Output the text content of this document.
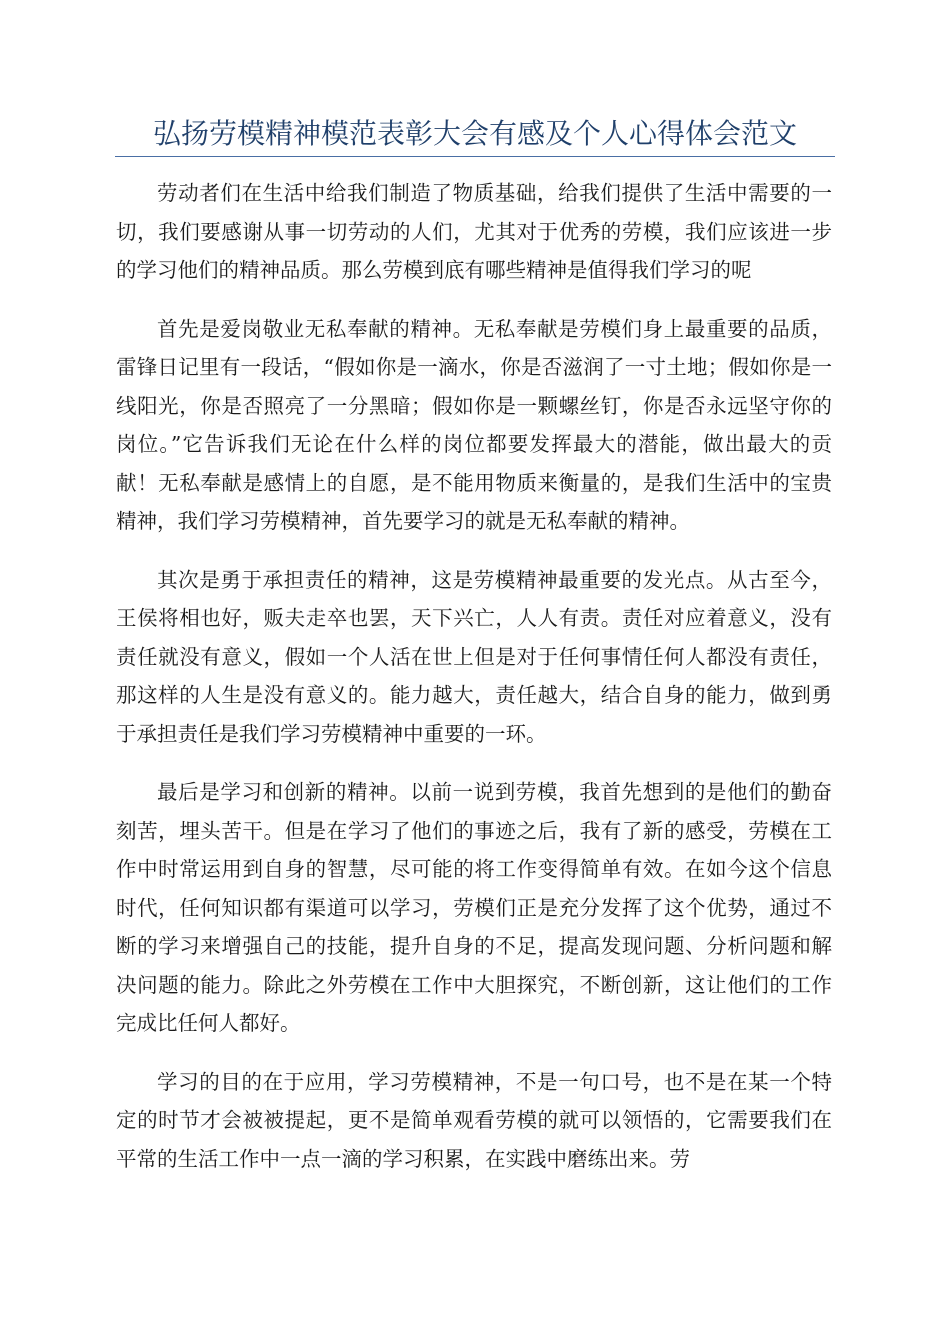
弘扬劳模精神模范表彰大会有感及个人心得体会范文

劳动者们在生活中给我们制造了物质基础，给我们提供了生活中需要的一切，我们要感谢从事一切劳动的人们，尤其对于优秀的劳模，我们应该进一步的学习他们的精神品质。那么劳模到底有哪些精神是值得我们学习的呢

首先是爱岗敬业无私奉献的精神。无私奉献是劳模们身上最重要的品质，雷锋日记里有一段话，“假如你是一滴水，你是否滋润了一寸土地；假如你是一线阳光，你是否照亮了一分黑暗；假如你是一颗螺丝钉，你是否永远坚守你的岗位。”它告诉我们无论在什么样的岗位都要发挥最大的潜能，做出最大的贡献！无私奉献是感情上的自愿，是不能用物质来衡量的，是我们生活中的宝贵精神，我们学习劳模精神，首先要学习的就是无私奉献的精神。

其次是勇于承担责任的精神，这是劳模精神最重要的发光点。从古至今，王侯将相也好，贩夫走卒也罢，天下兴亡，人人有责。责任对应着意义，没有责任就没有意义，假如一个人活在世上但是对于任何事情任何人都没有责任，那这样的人生是没有意义的。能力越大，责任越大，结合自身的能力，做到勇于承担责任是我们学习劳模精神中重要的一环。

最后是学习和创新的精神。以前一说到劳模，我首先想到的是他们的勤奋刻苦，埋头苦干。但是在学习了他们的事迹之后，我有了新的感受，劳模在工作中时常运用到自身的智慧，尽可能的将工作变得简单有效。在如今这个信息时代，任何知识都有渠道可以学习，劳模们正是充分发挥了这个优势，通过不断的学习来增强自己的技能，提升自身的不足，提高发现问题、分析问题和解决问题的能力。除此之外劳模在工作中大胆探究，不断创新，这让他们的工作完成比任何人都好。

学习的目的在于应用，学习劳模精神，不是一句口号，也不是在某一个特定的时节才会被被提起，更不是简单观看劳模的就可以领悟的，它需要我们在平常的生活工作中一点一滴的学习积累，在实践中磨练出来。劳
